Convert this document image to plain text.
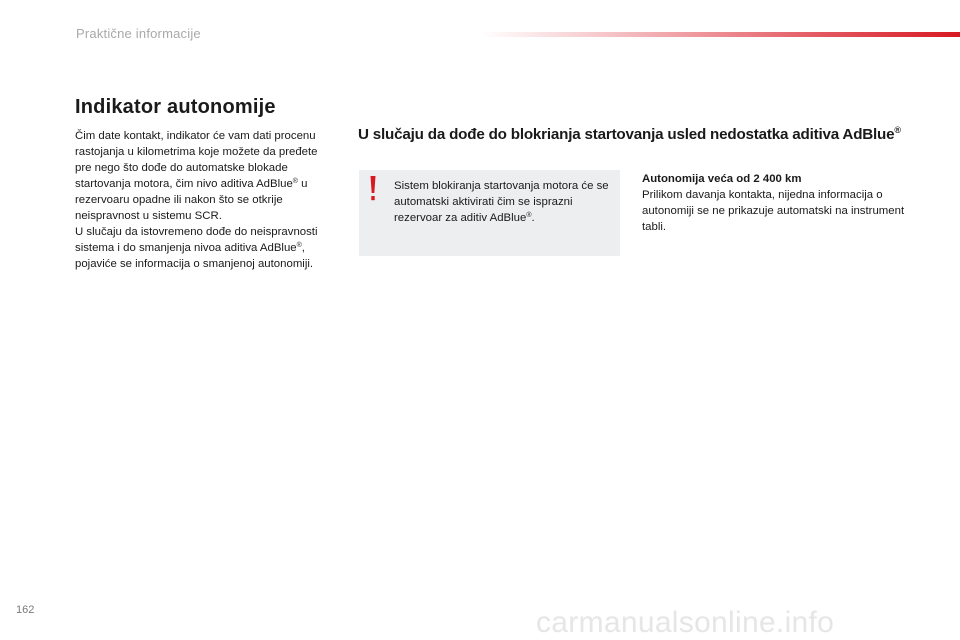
Praktične informacije
Indikator autonomije

Čim date kontakt, indikator će vam dati procenu rastojanja u kilometrima koje možete da pređete pre nego što dođe do automatske blokade startovanja motora, čim nivo aditiva AdBlue® u rezervoaru opadne ili nakon što se otkrije neispravnost u sistemu SCR.

U slučaju da istovremeno dođe do neispravnosti sistema i do smanjenja nivoa aditiva AdBlue®, pojaviće se informacija o smanjenoj autonomiji.

U slučaju da dođe do blokrianja startovanja usled nedostatka aditiva AdBlue®
Sistem blokiranja startovanja motora će se automatski aktivirati čim se isprazni rezervoar za aditiv AdBlue®.

Autonomija veća od 2 400 km

Prilikom davanja kontakta, nijedna informacija o autonomiji se ne prikazuje automatski na instrument tabli.

162	carmanualsonline.info
